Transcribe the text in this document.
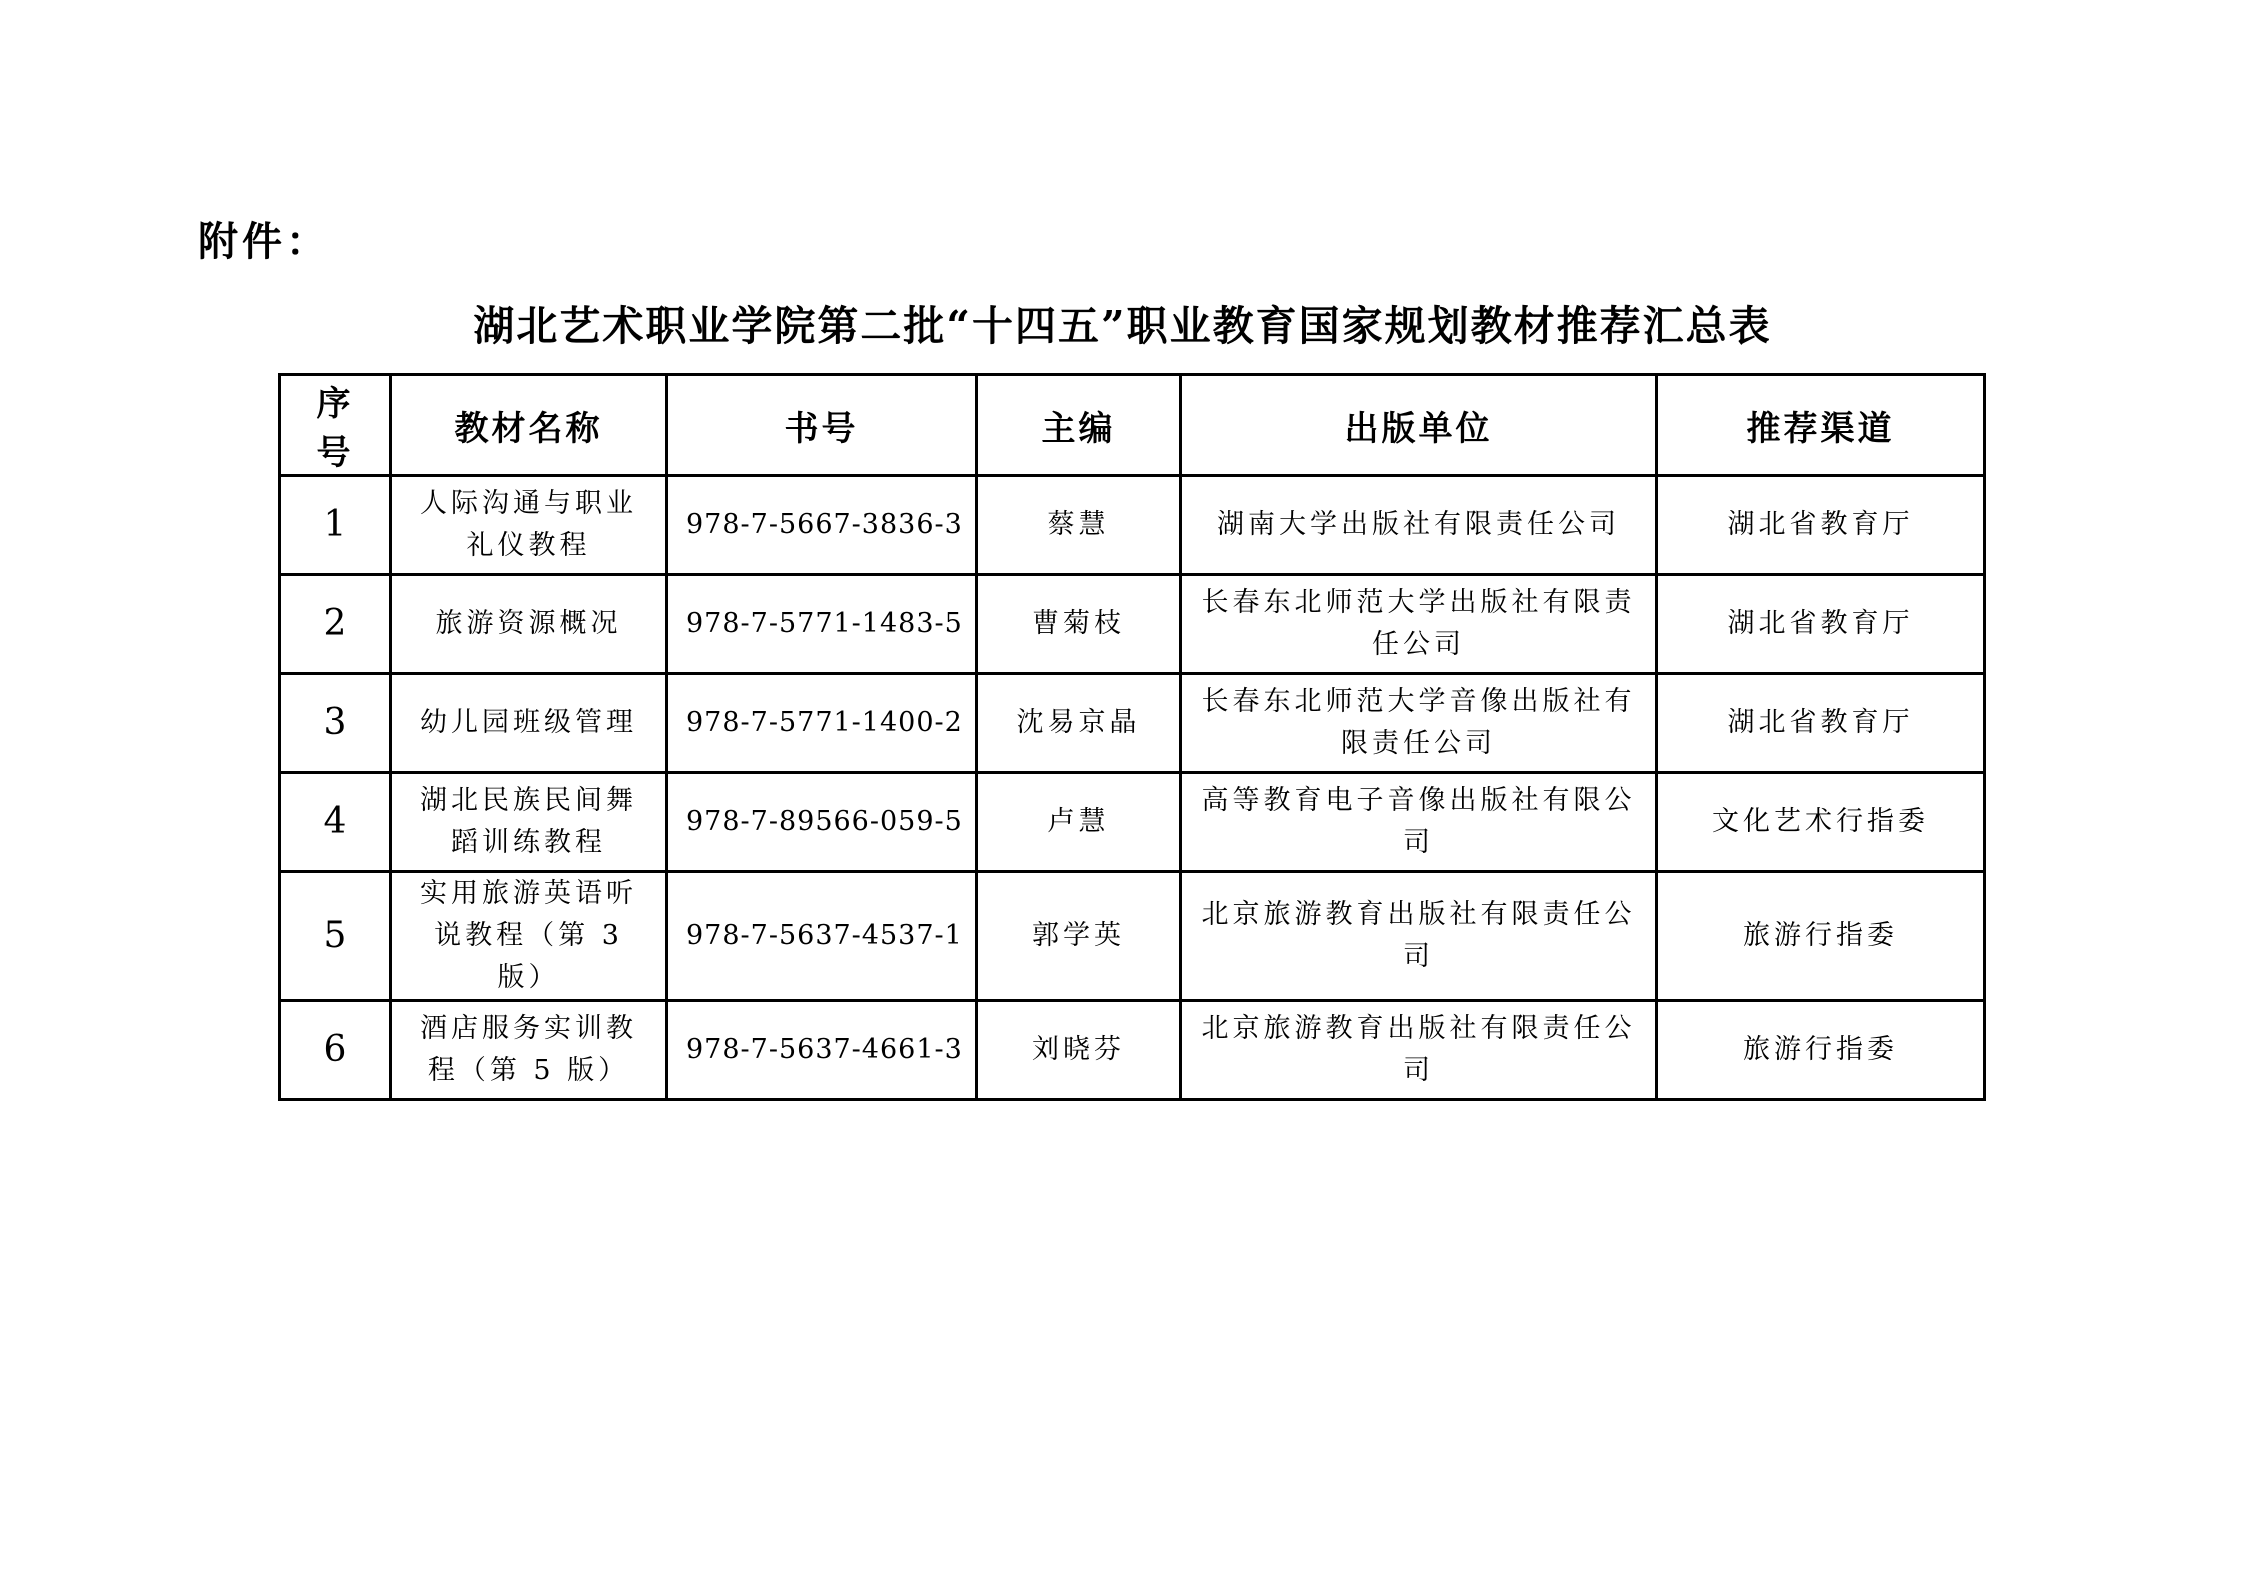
附件：
湖北艺术职业学院第二批“十四五”职业教育国家规划教材推荐汇总表
序号	教材名称	书号	主编	出版单位	推荐渠道
1	人际沟通与职业礼仪教程	978-7-5667-3836-3	蔡慧	湖南大学出版社有限责任公司	湖北省教育厅
2	旅游资源概况	978-7-5771-1483-5	曹菊枝	长春东北师范大学出版社有限责任公司	湖北省教育厅
3	幼儿园班级管理	978-7-5771-1400-2	沈易京晶	长春东北师范大学音像出版社有限责任公司	湖北省教育厅
4	湖北民族民间舞蹈训练教程	978-7-89566-059-5	卢慧	高等教育电子音像出版社有限公司	文化艺术行指委
5	实用旅游英语听说教程（第 3 版）	978-7-5637-4537-1	郭学英	北京旅游教育出版社有限责任公司	旅游行指委
6	酒店服务实训教程（第 5 版）	978-7-5637-4661-3	刘晓芬	北京旅游教育出版社有限责任公司	旅游行指委
